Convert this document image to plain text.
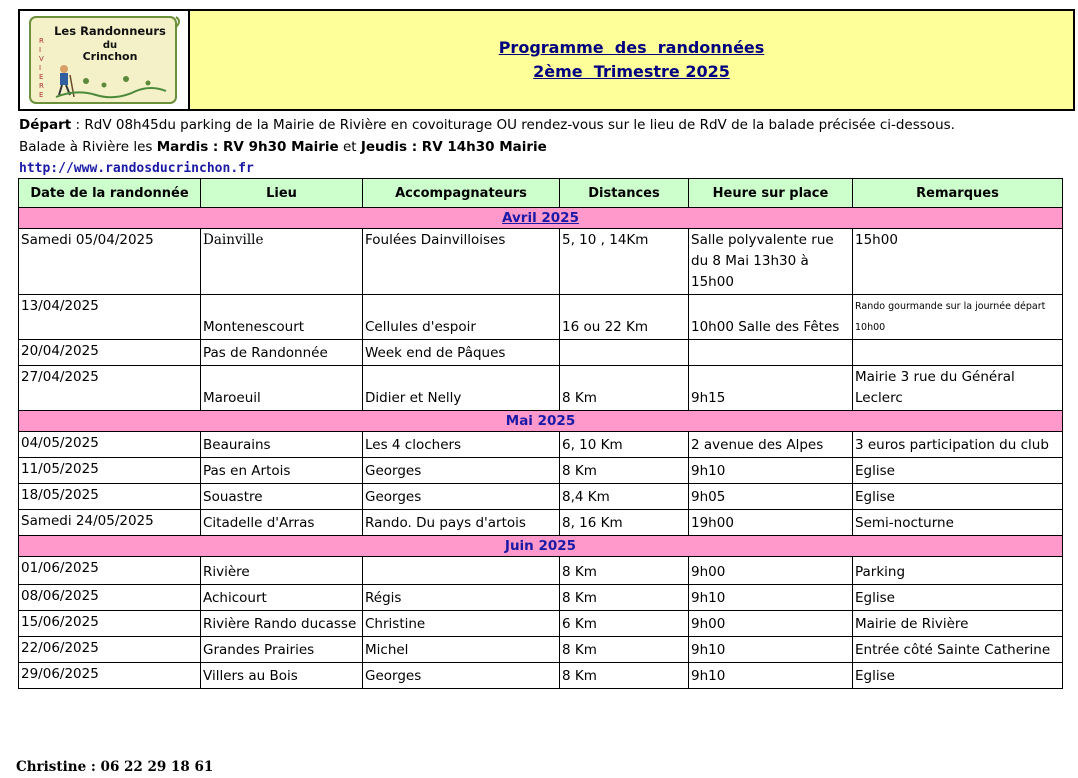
Les Randonneurs
du
Crinchon
R
I
V
I
E
R
E
Programme  des  randonnées
2ème  Trimestre 2025
Départ : RdV 08h45du parking de la Mairie de Rivière en covoiturage OU rendez-vous sur le lieu de RdV de la balade précisée ci-dessous.
Balade à Rivière les Mardis : RV 9h30 Mairie et Jeudis : RV 14h30 Mairie
http://www.randosducrinchon.fr
Date de la randonnée	Lieu	Accompagnateurs	Distances	Heure sur place	Remarques
Avril 2025					
Samedi 05/04/2025	Dainville	Foulées Dainvilloises	5, 10 , 14Km	Salle polyvalente rue du 8 Mai 13h30 à 15h00	15h00
13/04/2025	Montenescourt	Cellules d'espoir	16 ou 22 Km	10h00 Salle des Fêtes	Rando gourmande sur la journée départ 10h00
20/04/2025	Pas de Randonnée	Week end de Pâques			
27/04/2025	Maroeuil	Didier et Nelly	8 Km	9h15	Mairie 3 rue du Général Leclerc
Mai 2025					
04/05/2025	Beaurains	Les 4 clochers	6, 10 Km	2 avenue des Alpes	3 euros participation du club
11/05/2025	Pas en Artois	Georges	8 Km	9h10	Eglise
18/05/2025	Souastre	Georges	8,4 Km	9h05	Eglise
Samedi 24/05/2025	Citadelle d'Arras	Rando. Du pays d'artois	8, 16 Km	19h00	Semi-nocturne
Juin 2025					
01/06/2025	Rivière		8 Km	9h00	Parking
08/06/2025	Achicourt	Régis	8 Km	9h10	Eglise
15/06/2025	Rivière Rando ducasse	Christine	6 Km	9h00	Mairie de Rivière
22/06/2025	Grandes Prairies	Michel	8 Km	9h10	Entrée côté Sainte Catherine
29/06/2025	Villers au Bois	Georges	8 Km	9h10	Eglise
Christine : 06 22 29 18 61
